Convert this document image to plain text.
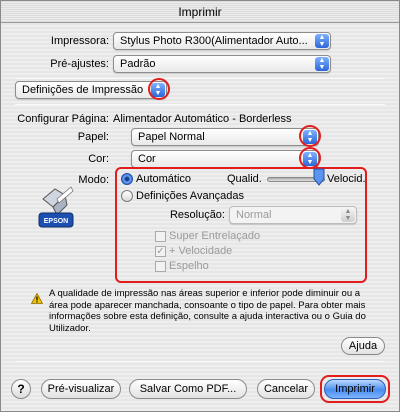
Imprimir
Impressora:	Stylus Photo R300(Alimentador Auto...	▲
▼
Pré-ajustes:	Padrão	▲
▼
Definições de Impressão	▲
▼
Configurar Página: Alimentador Automático - Borderless
Papel:	Papel Normal	▲
▼
Cor:	Cor	▲
▼
EPSON
Modo: Automático	Qualid.	Velocid.
Definições Avançadas
Resolução:	Normal	▲
▼
Super Entrelaçado
✓ + Velocidade
Espelho
A qualidade de impressão nas áreas superior e inferior pode diminuir ou a área pode aparecer manchada, consoante o tipo de papel. Para obter mais informações sobre esta definição, consulte a ajuda interactiva ou o Guia do Utilizador.
Ajuda
?	Pré-visualizar	Salvar Como PDF...	Cancelar	Imprimir
